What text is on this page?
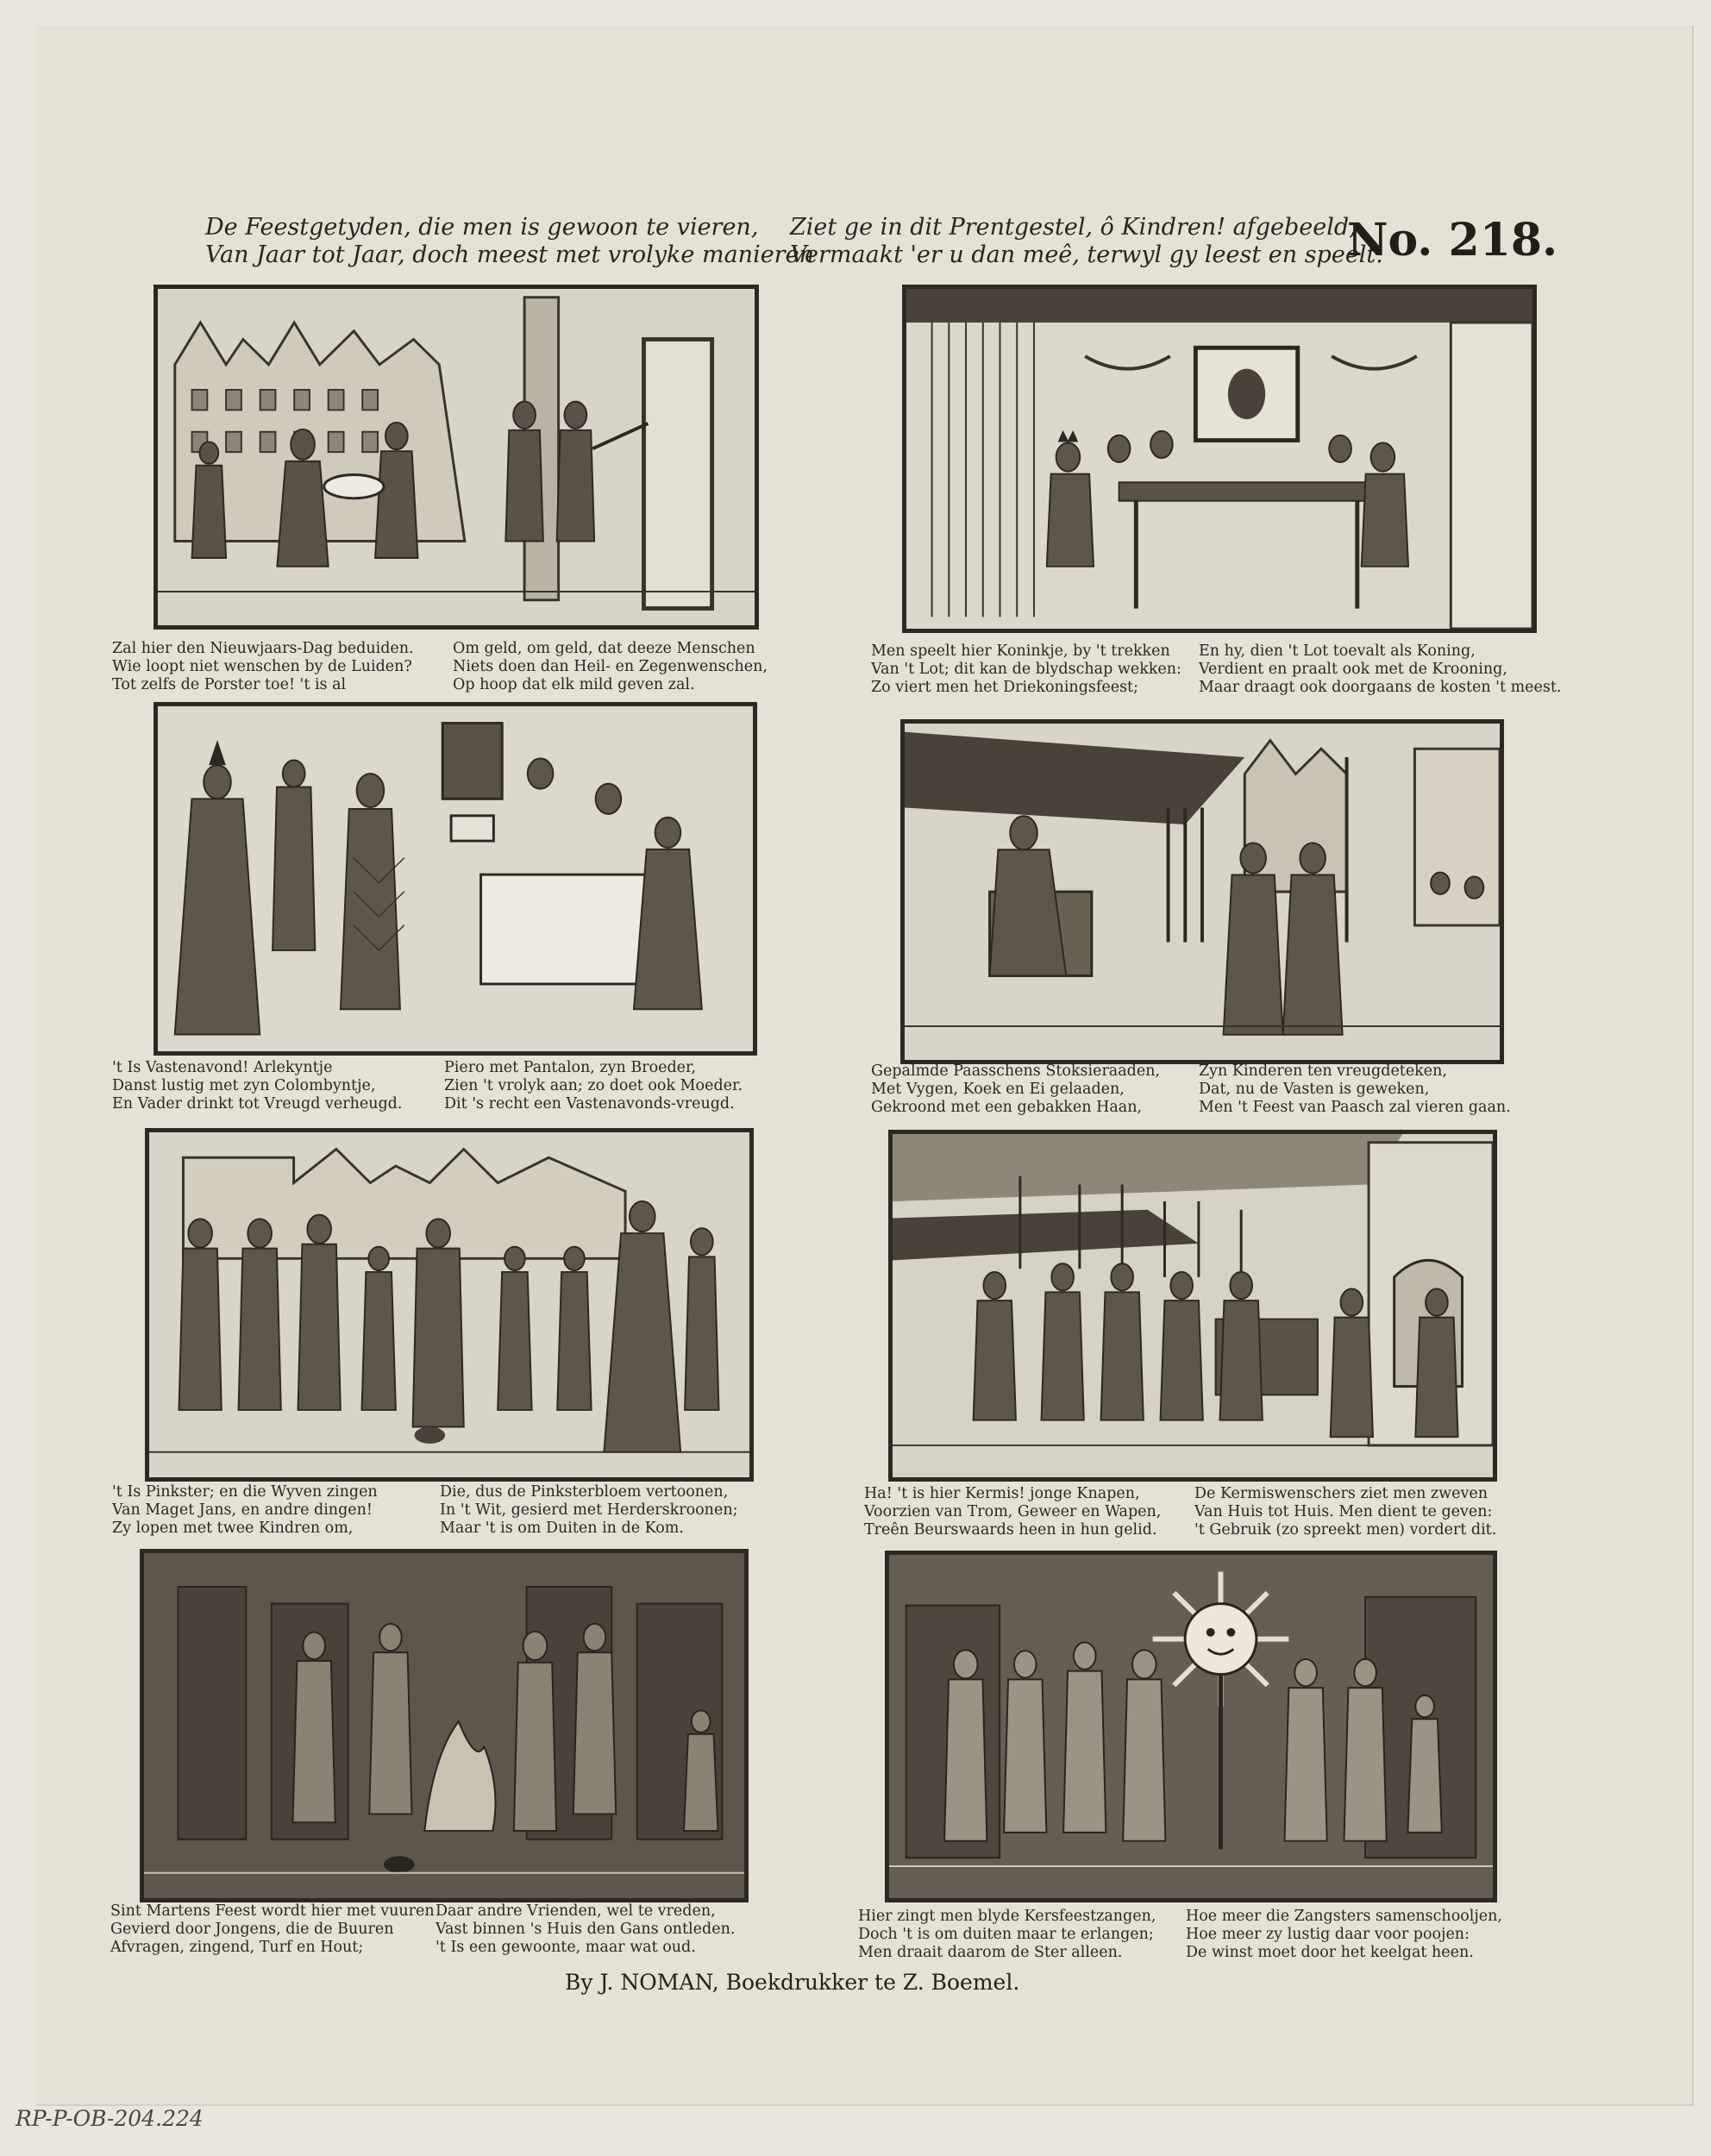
De Feestgetyden, die men is gewoon te vieren,
Van Jaar tot Jaar, doch meest met vrolyke manieren
Ziet ge in dit Prentgestel, ô Kindren! afgebeeld,
Vermaakt 'er u dan meê, terwyl gy leest en speelt.
No. 218.
Zal hier den Nieuwjaars-Dag beduiden.
Wie loopt niet wenschen by de Luiden?
Tot zelfs de Porster toe! 't is al
Om geld, om geld, dat deeze Menschen
Niets doen dan Heil- en Zegenwenschen,
Op hoop dat elk mild geven zal.
Men speelt hier Koninkje, by 't trekken
Van 't Lot; dit kan de blydschap wekken:
Zo viert men het Driekoningsfeest;
En hy, dien 't Lot toevalt als Koning,
Verdient en praalt ook met de Krooning,
Maar draagt ook doorgaans de kosten 't meest.
't Is Vastenavond! Arlekyntje
Danst lustig met zyn Colombyntje,
En Vader drinkt tot Vreugd verheugd.
Piero met Pantalon, zyn Broeder,
Zien 't vrolyk aan; zo doet ook Moeder.
Dit 's recht een Vastenavonds-vreugd.
Gepalmde Paasschens Stoksieraaden,
Met Vygen, Koek en Ei gelaaden,
Gekroond met een gebakken Haan,
Zyn Kinderen ten vreugdeteken,
Dat, nu de Vasten is geweken,
Men 't Feest van Paasch zal vieren gaan.
't Is Pinkster; en die Wyven zingen
Van Maget Jans, en andre dingen!
Zy lopen met twee Kindren om,
Die, dus de Pinksterbloem vertoonen,
In 't Wit, gesierd met Herderskroonen;
Maar 't is om Duiten in de Kom.
Ha! 't is hier Kermis! jonge Knapen,
Voorzien van Trom, Geweer en Wapen,
Treên Beurswaards heen in hun gelid.
De Kermiswenschers ziet men zweven
Van Huis tot Huis. Men dient te geven:
't Gebruik (zo spreekt men) vordert dit.
Sint Martens Feest wordt hier met vuuren
Gevierd door Jongens, die de Buuren
Afvragen, zingend, Turf en Hout;
Daar andre Vrienden, wel te vreden,
Vast binnen 's Huis den Gans ontleden.
't Is een gewoonte, maar wat oud.
Hier zingt men blyde Kersfeestzangen,
Doch 't is om duiten maar te erlangen;
Men draait daarom de Ster alleen.
Hoe meer die Zangsters samenschooljen,
Hoe meer zy lustig daar voor poojen:
De winst moet door het keelgat heen.
By J. NOMAN, Boekdrukker te Z. Boemel.
RP-P-OB-204.224
